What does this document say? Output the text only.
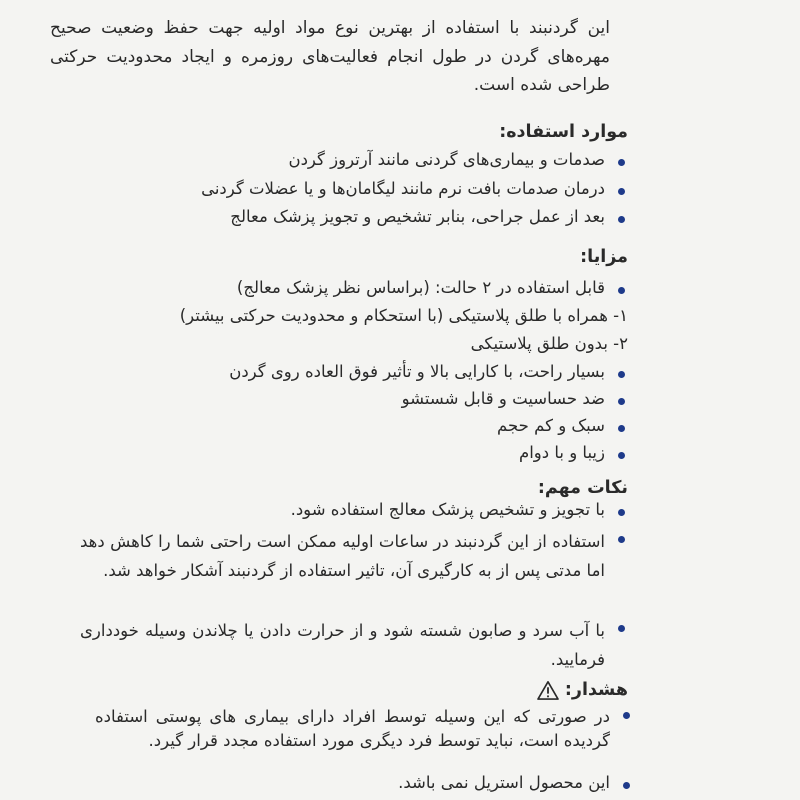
این گردنبند با استفاده از بهترین نوع مواد اولیه جهت حفظ وضعیت صحیح مهره‌های گردن در طول انجام فعالیت‌های روزمره و ایجاد محدودیت حرکتی طراحی شده است.
موارد استفاده:
صدمات و بیماری‌های گردنی مانند آرتروز گردن
درمان صدمات بافت نرم مانند لیگامان‌ها و یا عضلات گردنی
بعد از عمل جراحی، بنابر تشخیص و تجویز پزشک معالج
مزایا:
قابل استفاده در ۲ حالت: (براساس نظر پزشک معالج)
۱- همراه با طلق پلاستیکی (با استحکام و محدودیت حرکتی بیشتر)
۲- بدون طلق پلاستیکی
بسیار راحت، با کارایی بالا و تأثیر فوق العاده روی گردن
ضد حساسیت و قابل شستشو
سبک و کم حجم
زیبا و با دوام
نکات مهم:
با تجویز و تشخیص پزشک معالج استفاده شود.
استفاده از این گردنبند در ساعات اولیه ممکن است راحتی شما را کاهش دهد اما مدتی پس از به کارگیری آن، تاثیر استفاده از گردنبند آشکار خواهد شد.
با آب سرد و صابون شسته شود و از حرارت دادن یا چلاندن وسیله خودداری فرمایید.
هشدار:
در صورتی که این وسیله توسط افراد دارای بیماری های پوستی استفاده گردیده است، نباید توسط فرد دیگری مورد استفاده مجدد قرار گیرد.
این محصول استریل نمی باشد.
